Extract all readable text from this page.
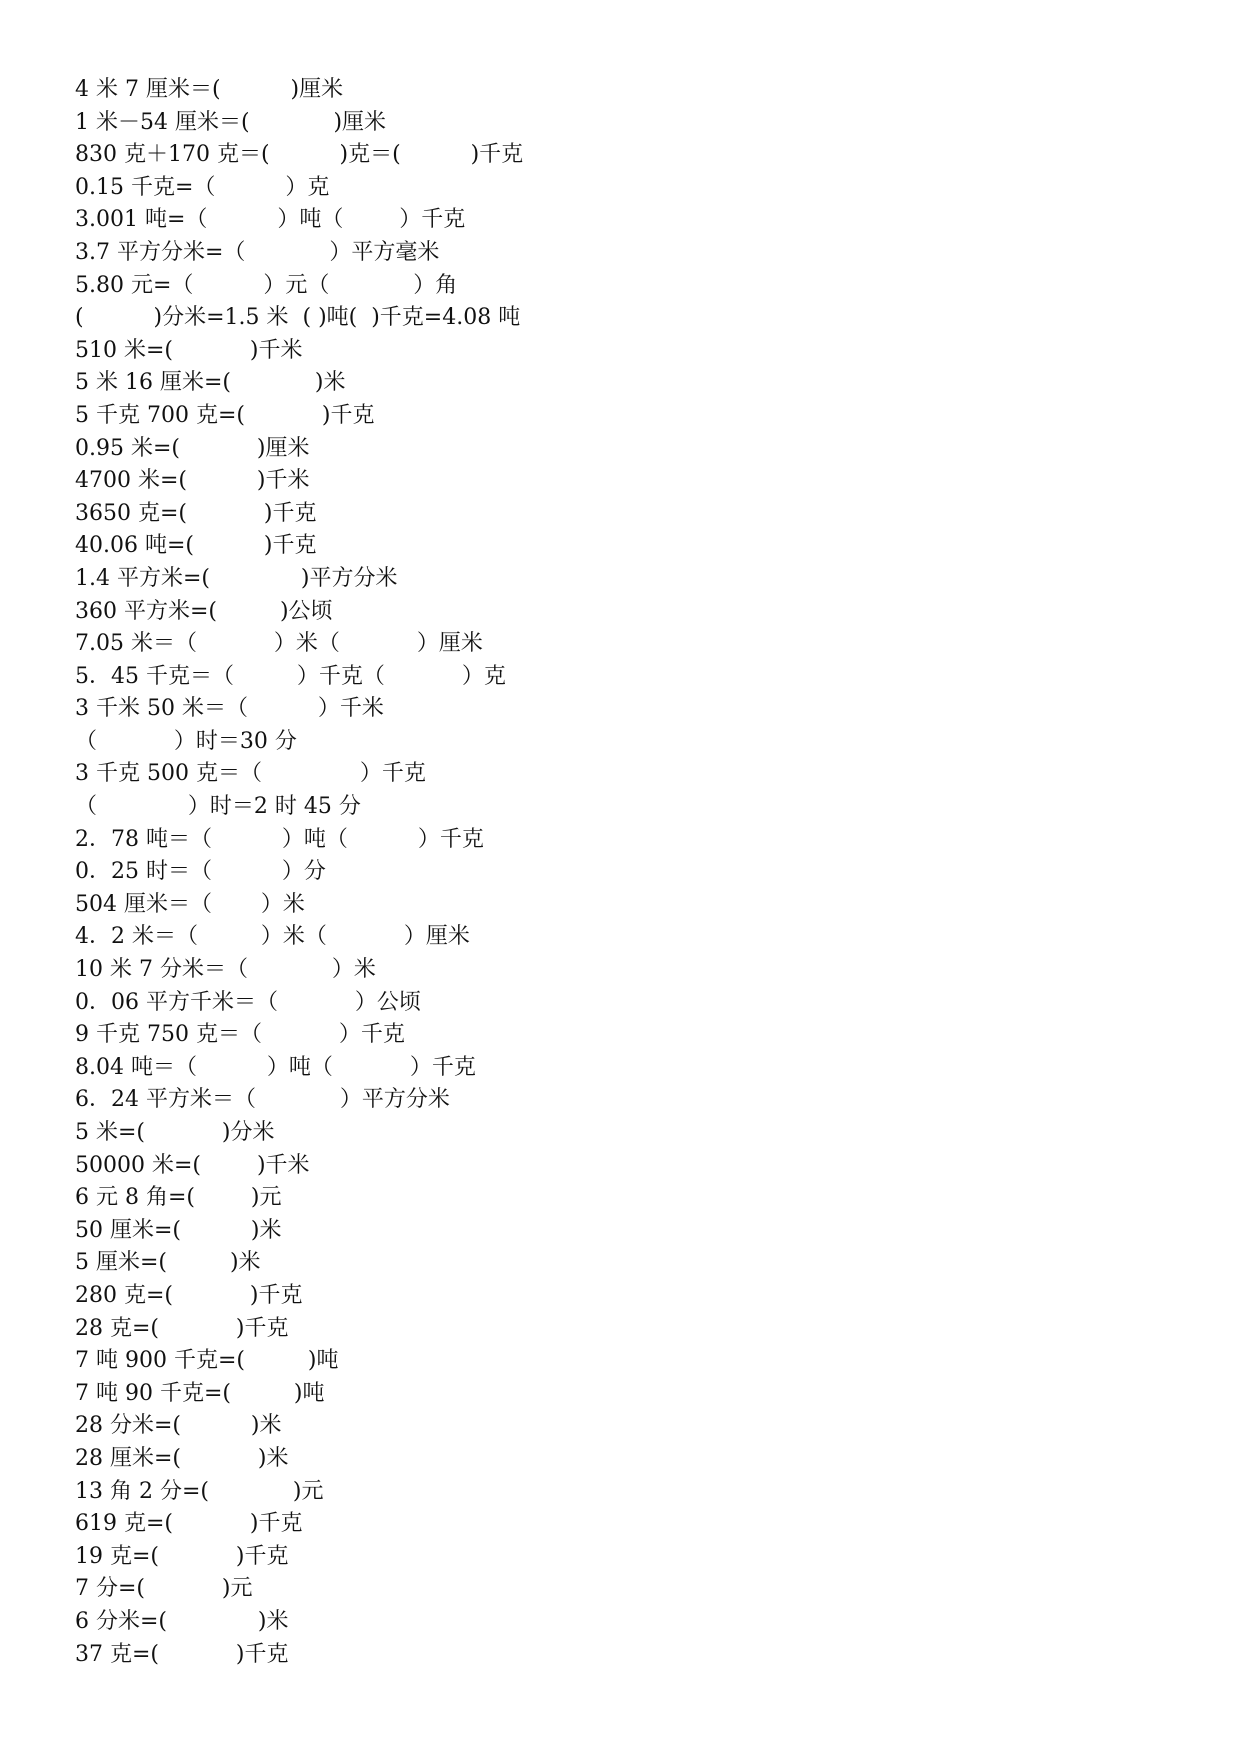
4 米 7 厘米＝(          )厘米
1 米－54 厘米＝(            )厘米
830 克＋170 克＝(          )克＝(          )千克
0.15 千克=（          ）克
3.001 吨=（          ）吨（        ）千克
3.7 平方分米=（            ）平方毫米
5.80 元=（          ）元（            ）角
(          )分米=1.5 米  ( )吨(  )千克=4.08 吨
510 米=(           )千米
5 米 16 厘米=(            )米
5 千克 700 克=(           )千克
0.95 米=(           )厘米
4700 米=(          )千米
3650 克=(           )千克
40.06 吨=(          )千克
1.4 平方米=(             )平方分米
360 平方米=(         )公顷
7.05 米＝（           ）米（           ）厘米
5．45 千克＝（         ）千克（           ）克
3 千米 50 米＝（          ）千米
（           ）时＝30 分
3 千克 500 克＝（              ）千克
（             ）时＝2 时 45 分
2．78 吨＝（          ）吨（          ）千克
0．25 时＝（          ）分
504 厘米＝（       ）米
4．2 米＝（         ）米（           ）厘米
10 米 7 分米＝（            ）米
0．06 平方千米＝（           ）公顷
9 千克 750 克＝（           ）千克
8.04 吨＝（          ）吨（           ）千克
6．24 平方米＝（            ）平方分米
5 米=(           )分米
50000 米=(        )千米
6 元 8 角=(        )元
50 厘米=(          )米
5 厘米=(         )米
280 克=(           )千克
28 克=(           )千克
7 吨 900 千克=(         )吨
7 吨 90 千克=(         )吨
28 分米=(          )米
28 厘米=(           )米
13 角 2 分=(            )元
619 克=(           )千克
19 克=(           )千克
7 分=(           )元
6 分米=(             )米
37 克=(           )千克
